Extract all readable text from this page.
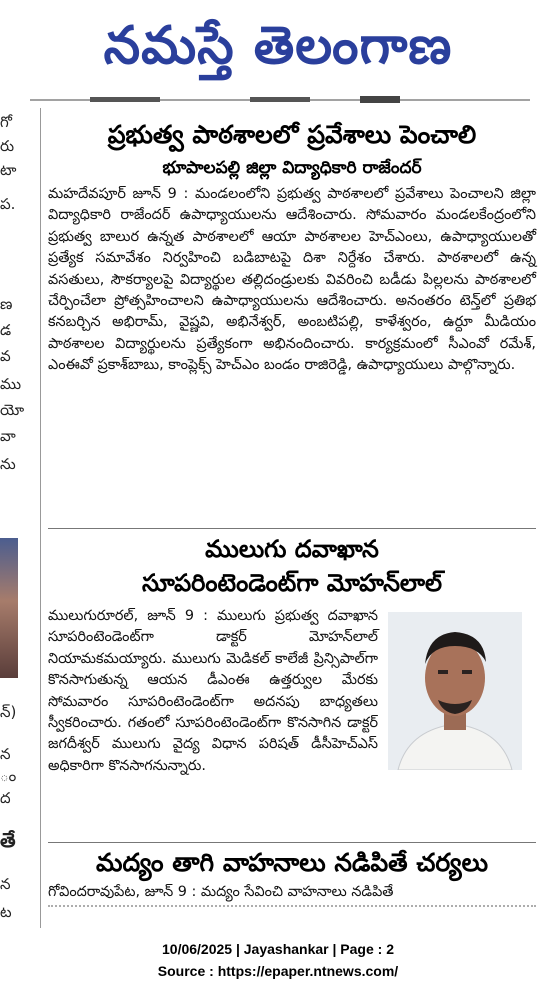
నమస్తే తెలంగాణ
గో
రు
టా
ప.
ణ
డ
వ
ము
యో
వా
ను
న్)
న
ం
ద
తే
న
ట
ప్రభుత్వ పాఠశాలలో ప్రవేశాలు పెంచాలి
భూపాలపల్లి జిల్లా విద్యాధికారి రాజేందర్
మహదేవపూర్ జూన్ 9 : మండలంలోని ప్రభుత్వ పాఠశాలలో ప్రవేశాలు పెంచాలని జిల్లా విద్యాధికారి రాజేందర్ ఉపాధ్యాయులను ఆదేశించారు. సోమవారం మండలకేంద్రంలోని ప్రభుత్వ బాలుర ఉన్నత పాఠశాలలో ఆయా పాఠశాలల హెచ్‌ఎంలు, ఉపాధ్యాయులతో ప్రత్యేక సమావేశం నిర్వహించి బడిబాటపై దిశా నిర్దేశం చేశారు. పాఠశాలలో ఉన్న వసతులు, సౌకర్యాలపై విద్యార్థుల తల్లిదండ్రులకు వివరించి బడీడు పిల్లలను పాఠశాలలో చేర్పించేలా ప్రోత్సహించాలని ఉపాధ్యాయులను ఆదేశించారు. అనంతరం టెన్త్‌లో ప్రతిభ కనబర్చిన అభిరామ్, వైష్ణవి, అభినేశ్వర్, అంబటిపల్లి, కాళేశ్వరం, ఉర్దూ మీడియం పాఠశాలల విద్యార్థులను ప్రత్యేకంగా అభినందించారు. కార్యక్రమంలో సీఎంవో రమేశ్, ఎంఈవో ప్రకాశ్‌బాబు, కాంప్లెక్స్ హెచ్‌ఎం బండం రాజిరెడ్డి, ఉపాధ్యాయులు పాల్గొన్నారు.
ములుగు దవాఖాన
సూపరింటెండెంట్‌గా మోహన్‌లాల్
ములుగురూరల్, జూన్ 9 : ములుగు ప్రభుత్వ దవాఖాన సూపరింటెండెంట్‌గా డాక్టర్ మోహన్‌లాల్ నియామకమయ్యారు. ములుగు మెడికల్ కాలేజీ ప్రిన్సిపాల్‌గా కొనసాగుతున్న ఆయన డీఎంఈ ఉత్తర్వుల మేరకు సోమవారం సూపరింటెండెంట్‌గా అదనపు బాధ్యతలు స్వీకరించారు. గతంలో సూపరింటెండెంట్‌గా కొనసాగిన డాక్టర్ జగదీశ్వర్ ములుగు వైద్య విధాన పరిషత్ డీసీహెచ్‌ఎస్ అధికారిగా కొనసాగనున్నారు.
మద్యం తాగి వాహనాలు నడిపితే చర్యలు
గోవిందరావుపేట, జూన్ 9 : మద్యం సేవించి వాహనాలు నడిపితే
10/06/2025 | Jayashankar | Page : 2
Source : https://epaper.ntnews.com/
